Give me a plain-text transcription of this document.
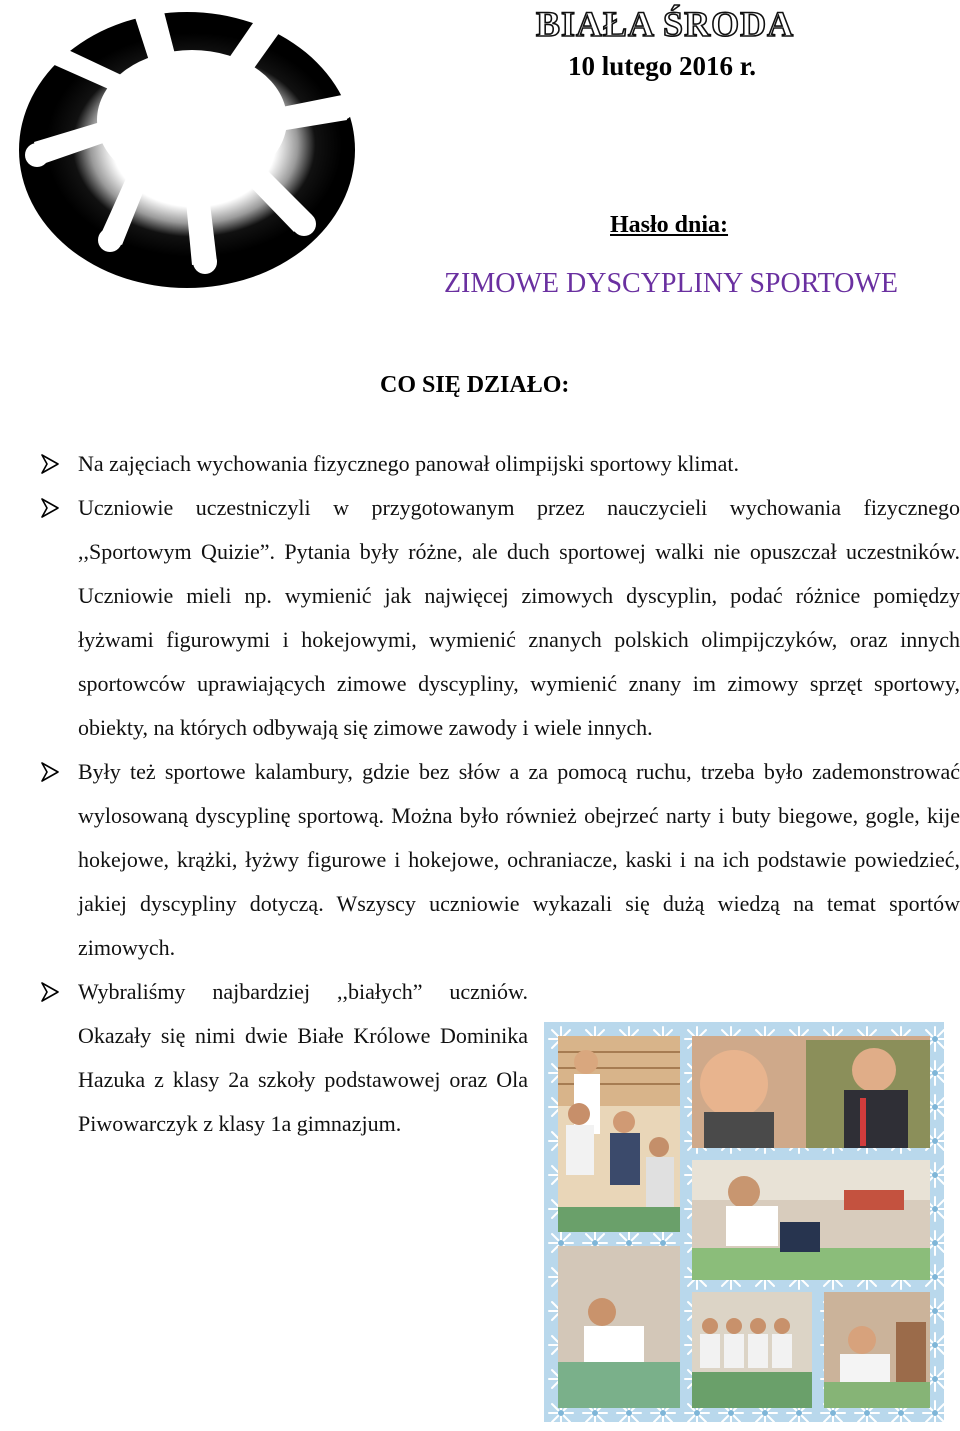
BIAŁA ŚRODA
10 lutego 2016 r.
Hasło dnia:
ZIMOWE DYSCYPLINY SPORTOWE
CO SIĘ DZIAŁO:

Na zajęciach wychowania fizycznego panował olimpijski sportowy klimat.

Uczniowie uczestniczyli w przygotowanym przez nauczycieli wychowania fizycznego ,,Sportowym Quizie”. Pytania były różne, ale duch sportowej walki nie opuszczał uczestników. Uczniowie mieli np. wymienić jak najwięcej zimowych dyscyplin, podać różnice pomiędzy łyżwami figurowymi i hokejowymi, wymienić znanych polskich olimpijczyków, oraz innych sportowców uprawiających zimowe dyscypliny, wymienić znany im zimowy sprzęt sportowy, obiekty, na których odbywają się zimowe zawody i wiele innych.

Były też sportowe kalambury, gdzie bez słów a za pomocą ruchu, trzeba było zademonstrować wylosowaną dyscyplinę sportową. Można było również obejrzeć narty i buty biegowe, gogle, kije hokejowe, krążki, łyżwy figurowe i hokejowe, ochraniacze, kaski i na ich podstawie powiedzieć, jakiej dyscypliny dotyczą. Wszyscy uczniowie wykazali się dużą wiedzą na temat sportów zimowych.

Wybraliśmy najbardziej ,,białych” uczniów. Okazały się nimi dwie Białe Królowe Dominika Hazuka z klasy 2a szkoły podstawowej oraz Ola Piwowarczyk z klasy 1a gimnazjum.
